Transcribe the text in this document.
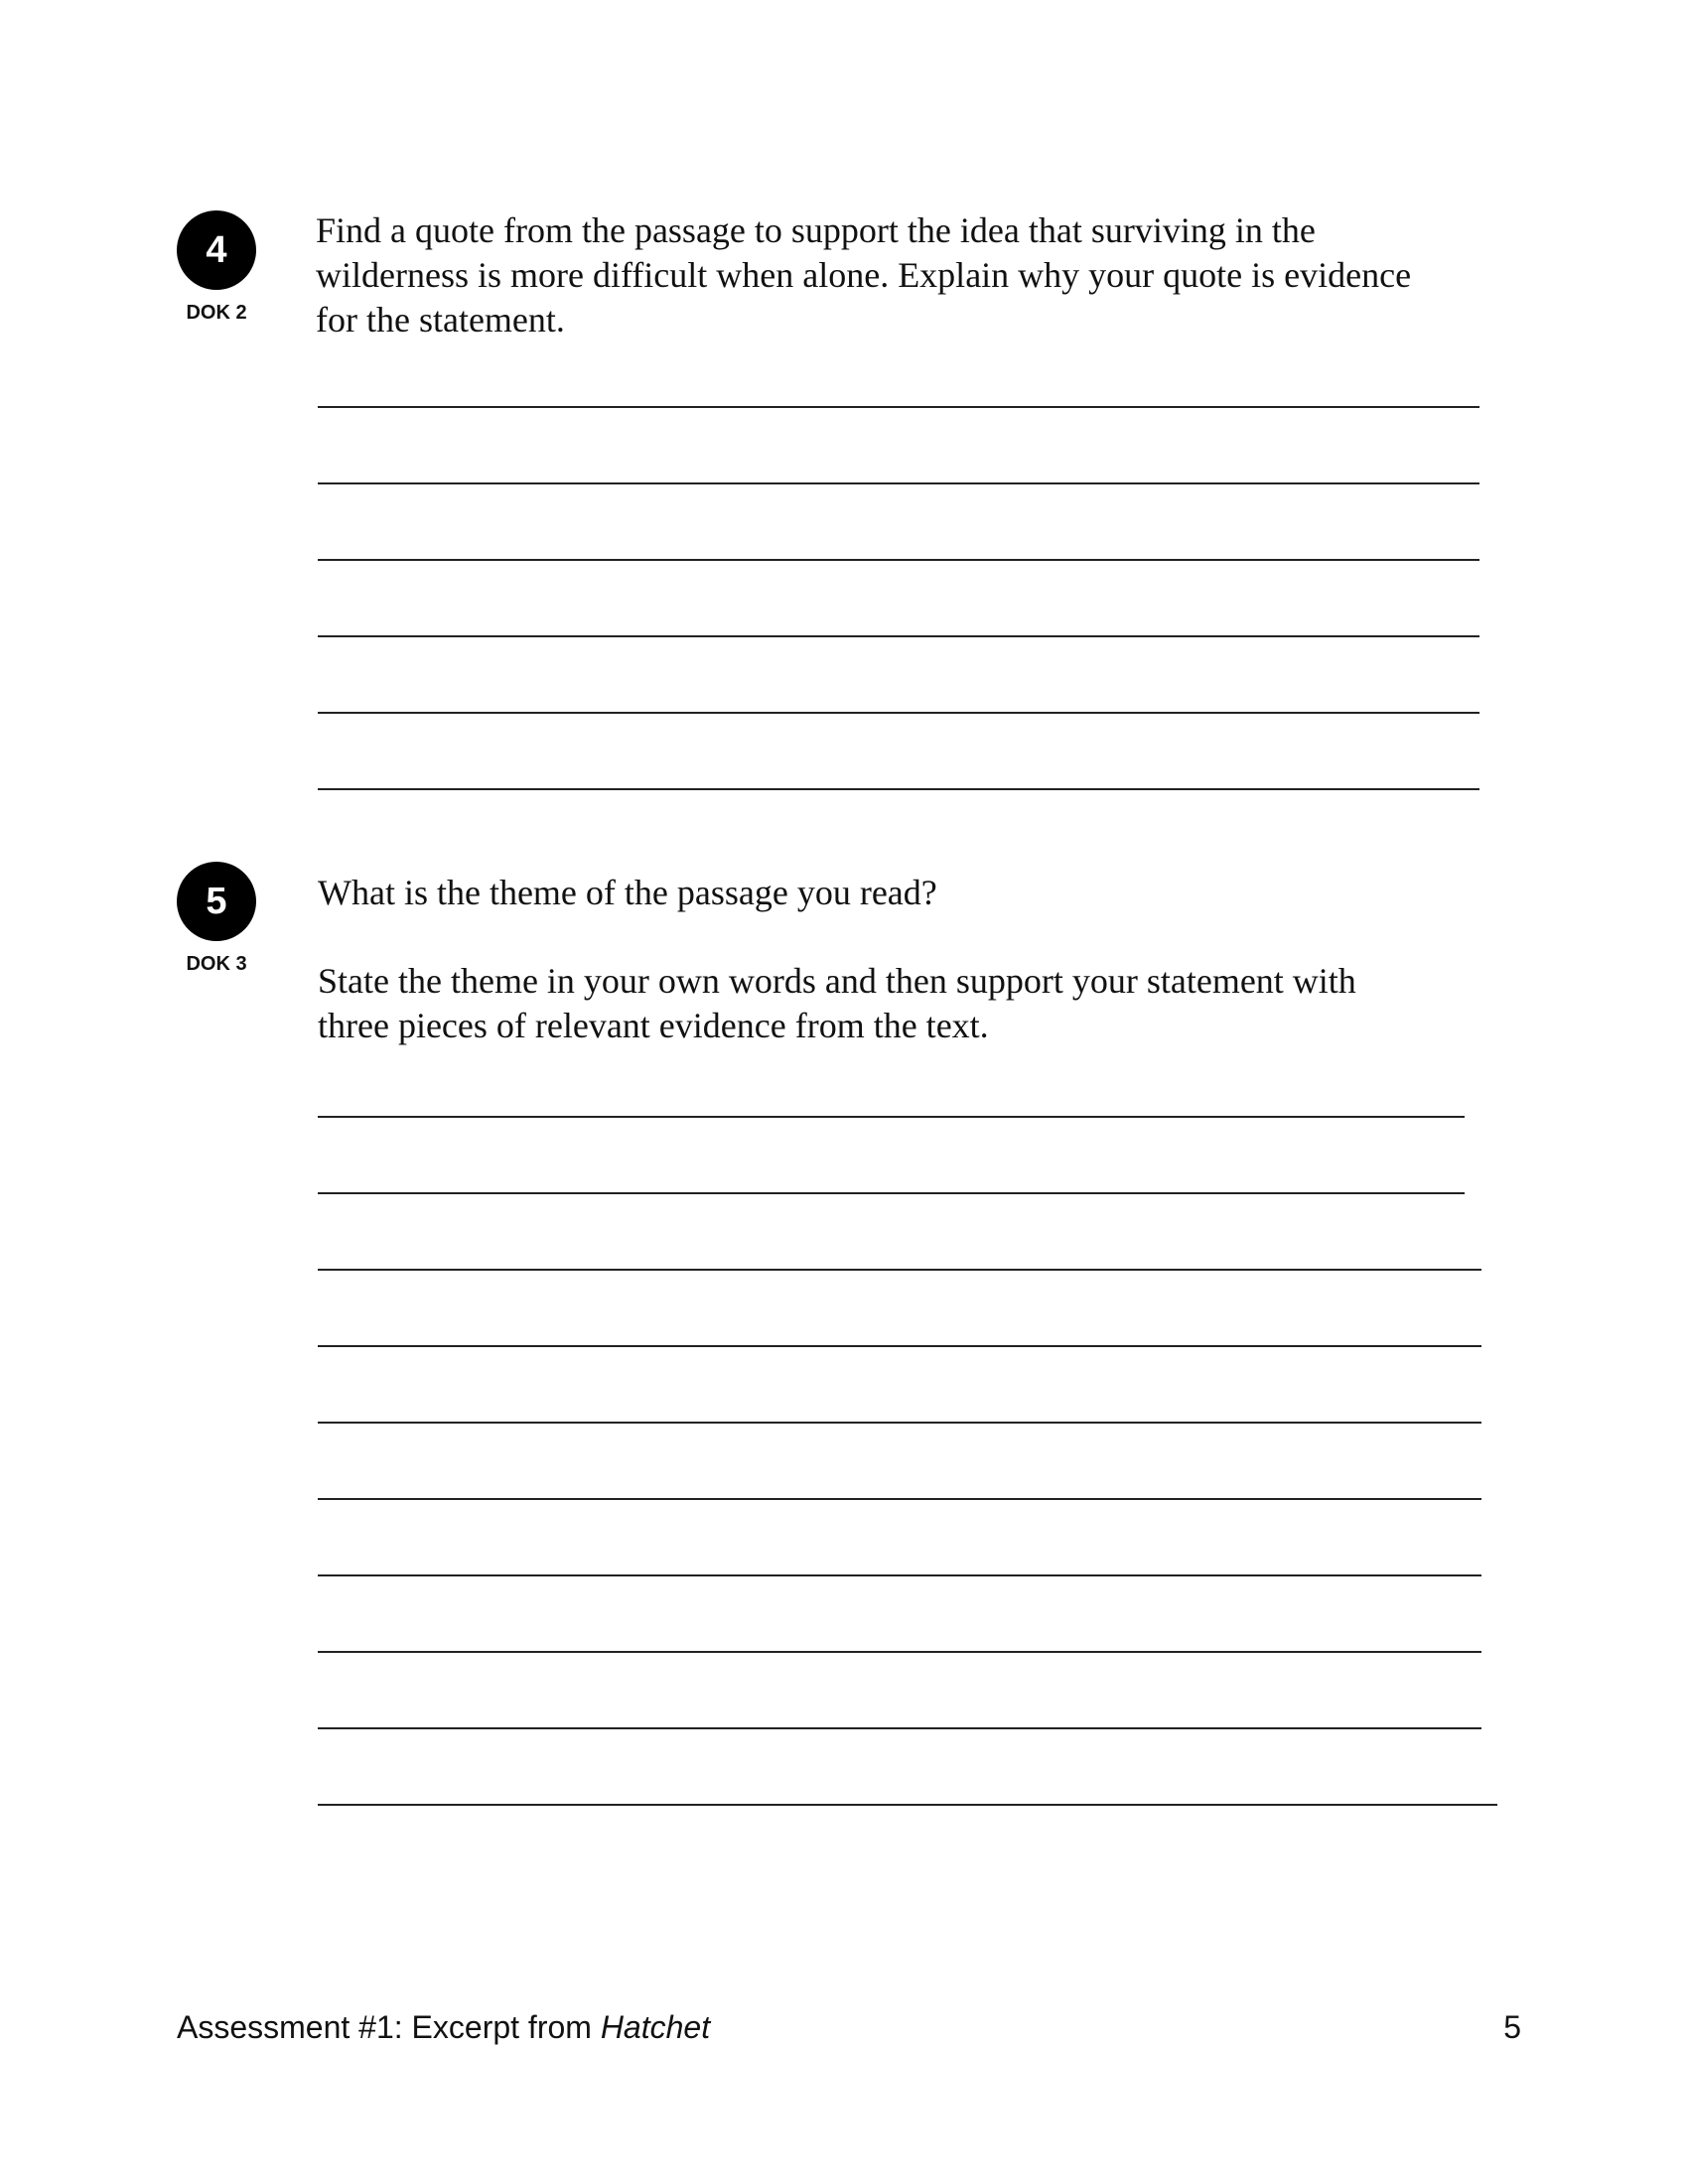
4
DOK 2
Find a quote from the passage to support the idea that surviving in the
wilderness is more difficult when alone. Explain why your quote is evidence
for the statement.
5
DOK 3
What is the theme of the passage you read?
State the theme in your own words and then support your statement with
three pieces of relevant evidence from the text.
Assessment #1: Excerpt from Hatchet	5
